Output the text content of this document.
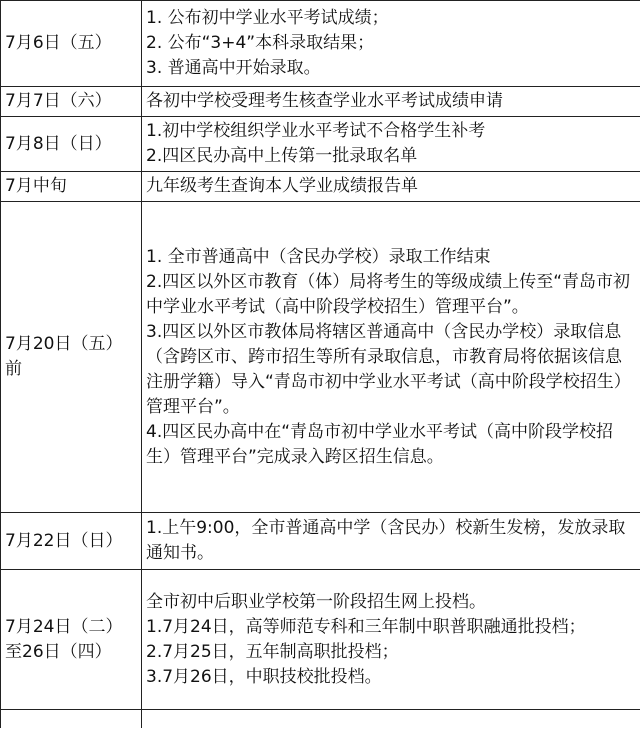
7月6日（五）	1. 公布初中学业水平考试成绩；
2. 公布“3+4”本科录取结果；
3. 普通高中开始录取。

7月7日（六）	各初中学校受理考生核查学业水平考试成绩申请

7月8日（日）	1.初中学校组织学业水平考试不合格学生补考
2.四区民办高中上传第一批录取名单

7月中旬	九年级考生查询本人学业成绩报告单

7月20日（五）
前	1. 全市普通高中（含民办学校）录取工作结束
2.四区以外区市教育（体）局将考生的等级成绩上传至“青岛市初中学业水平考试（高中阶段学校招生）管理平台”。
3.四区以外区市教体局将辖区普通高中（含民办学校）录取信息（含跨区市、跨市招生等所有录取信息，市教育局将依据该信息注册学籍）导入“青岛市初中学业水平考试（高中阶段学校招生）管理平台”。
4.四区民办高中在“青岛市初中学业水平考试（高中阶段学校招生）管理平台”完成录入跨区招生信息。

7月22日（日）	1.上午9:00，全市普通高中学（含民办）校新生发榜，发放录取通知书。

7月24日（二）
至26日（四）	全市初中后职业学校第一阶段招生网上投档。
1.7月24日，高等师范专科和三年制中职普职融通批投档；
2.7月25日，五年制高职批投档；
3.7月26日，中职技校批投档。
